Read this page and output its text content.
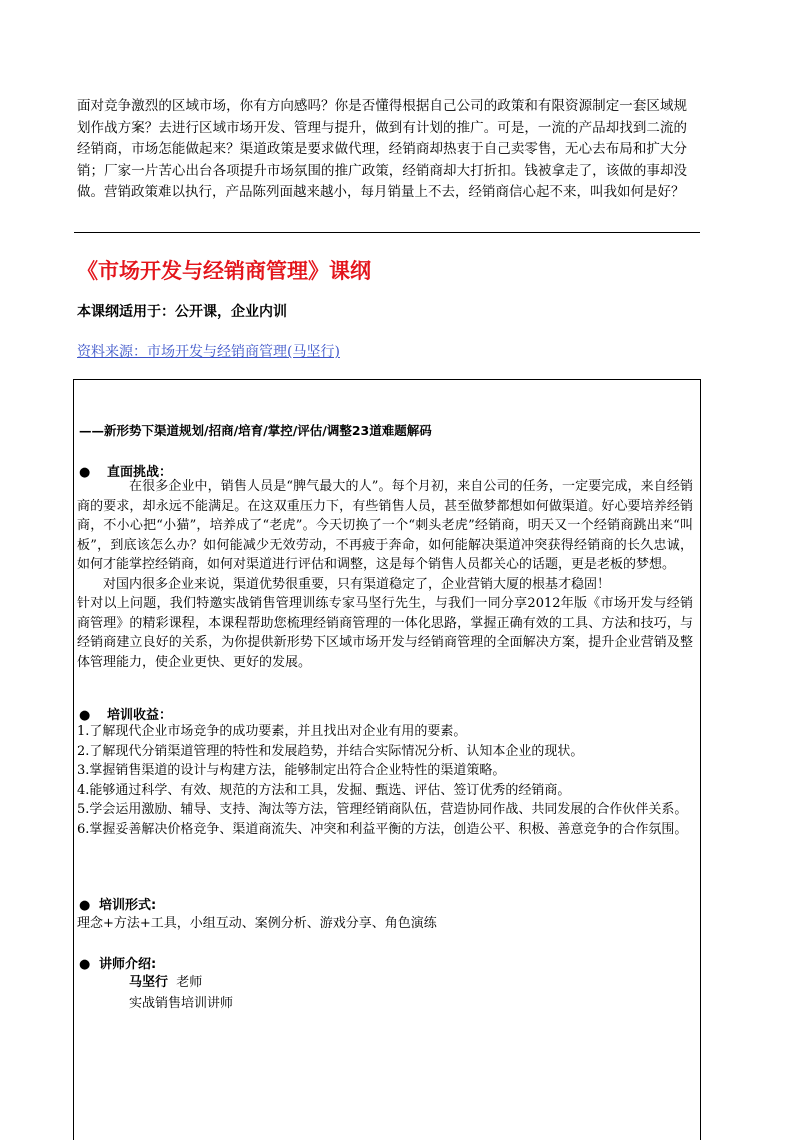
面对竞争激烈的区域市场，你有方向感吗？你是否懂得根据自己公司的政策和有限资源制定一套区域规划作战方案？去进行区域市场开发、管理与提升，做到有计划的推广。可是，一流的产品却找到二流的经销商，市场怎能做起来？渠道政策是要求做代理，经销商却热衷于自己卖零售，无心去布局和扩大分销；厂家一片苦心出台各项提升市场氛围的推广政策，经销商却大打折扣。钱被拿走了，该做的事却没做。营销政策难以执行，产品陈列面越来越小，每月销量上不去，经销商信心起不来，叫我如何是好？

《市场开发与经销商管理》课纲
本课纲适用于：公开课，企业内训
资料来源：市场开发与经销商管理(马坚行)
——新形势下渠道规划/招商/培育/掌控/评估/调整23道难题解码
● 直面挑战：

在很多企业中，销售人员是“脾气最大的人”。每个月初，来自公司的任务，一定要完成，来自经销商的要求，却永远不能满足。在这双重压力下，有些销售人员，甚至做梦都想如何做渠道。好心要培养经销商，不小心把“小猫”，培养成了“老虎”。今天切换了一个“刺头老虎”经销商，明天又一个经销商跳出来“叫板”，到底该怎么办？如何能减少无效劳动，不再疲于奔命，如何能解决渠道冲突获得经销商的长久忠诚，如何才能掌控经销商，如何对渠道进行评估和调整，这是每个销售人员都关心的话题，更是老板的梦想。

对国内很多企业来说，渠道优势很重要，只有渠道稳定了，企业营销大厦的根基才稳固！

针对以上问题，我们特邀实战销售管理训练专家马坚行先生，与我们一同分享2012年版《市场开发与经销商管理》的精彩课程，本课程帮助您梳理经销商管理的一体化思路，掌握正确有效的工具、方法和技巧，与经销商建立良好的关系，为你提供新形势下区域市场开发与经销商管理的全面解决方案，提升企业营销及整体管理能力，使企业更快、更好的发展。

● 培训收益：
1.了解现代企业市场竞争的成功要素，并且找出对企业有用的要素。
2.了解现代分销渠道管理的特性和发展趋势，并结合实际情况分析、认知本企业的现状。
3.掌握销售渠道的设计与构建方法，能够制定出符合企业特性的渠道策略。
4.能够通过科学、有效、规范的方法和工具，发掘、甄选、评估、签订优秀的经销商。
5.学会运用激励、辅导、支持、淘汰等方法，管理经销商队伍，营造协同作战、共同发展的合作伙伴关系。
6.掌握妥善解决价格竞争、渠道商流失、冲突和利益平衡的方法，创造公平、积极、善意竞争的合作氛围。
● 培训形式:

理念+方法+工具，小组互动、案例分析、游戏分享、角色演练

● 讲师介绍:
马坚行 老师
实战销售培训讲师
